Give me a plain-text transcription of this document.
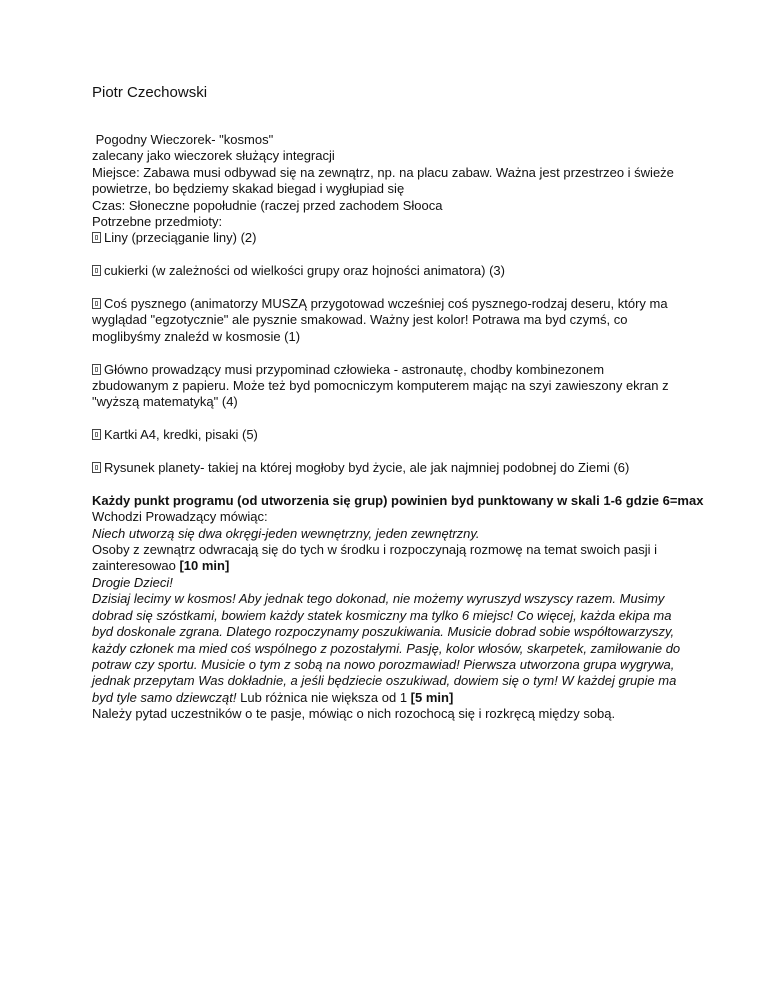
Piotr Czechowski
Pogodny Wieczorek- "kosmos"
zalecany jako wieczorek służący integracji
Miejsce: Zabawa musi odbywad się na zewnątrz, np. na placu zabaw. Ważna jest przestrzeo i świeże
powietrze, bo będziemy skakad biegad i wygłupiad się
Czas: Słoneczne popołudnie (raczej przed zachodem Słooca
Potrzebne przedmioty:
Liny (przeciąganie liny) (2)
cukierki (w zależności od wielkości grupy oraz hojności animatora) (3)
Coś pysznego (animatorzy MUSZĄ przygotowad wcześniej coś pysznego-rodzaj deseru, który ma
wyglądad "egzotycznie" ale pysznie smakowad. Ważny jest kolor! Potrawa ma byd czymś, co
moglibyśmy znaleźd w kosmosie (1)
Główno prowadzący musi przypominad człowieka - astronautę, chodby kombinezonem
zbudowanym z papieru. Może też byd pomocniczym komputerem mając na szyi zawieszony ekran z
"wyższą matematyką" (4)
Kartki A4, kredki, pisaki (5)
Rysunek planety- takiej na której mogłoby byd życie, ale jak najmniej podobnej do Ziemi (6)
Każdy punkt programu (od utworzenia się grup) powinien byd punktowany w skali 1-6 gdzie 6=max
Wchodzi Prowadzący mówiąc:
Niech utworzą się dwa okręgi-jeden wewnętrzny, jeden zewnętrzny.
Osoby z zewnątrz odwracają się do tych w środku i rozpoczynają rozmowę na temat swoich pasji i
zainteresowao [10 min]
Drogie Dzieci!
Dzisiaj lecimy w kosmos! Aby jednak tego dokonad, nie możemy wyruszyd wszyscy razem. Musimy
dobrad się szóstkami, bowiem każdy statek kosmiczny ma tylko 6 miejsc! Co więcej, każda ekipa ma
byd doskonale zgrana. Dlatego rozpoczynamy poszukiwania. Musicie dobrad sobie współtowarzyszy,
każdy członek ma mied coś wspólnego z pozostałymi. Pasję, kolor włosów, skarpetek, zamiłowanie do
potraw czy sportu. Musicie o tym z sobą na nowo porozmawiad! Pierwsza utworzona grupa wygrywa,
jednak przepytam Was dokładnie, a jeśli będziecie oszukiwad, dowiem się o tym! W każdej grupie ma
byd tyle samo dziewcząt! Lub różnica nie większa od 1 [5 min]
Należy pytad uczestników o te pasje, mówiąc o nich rozochocą się i rozkręcą między sobą.
